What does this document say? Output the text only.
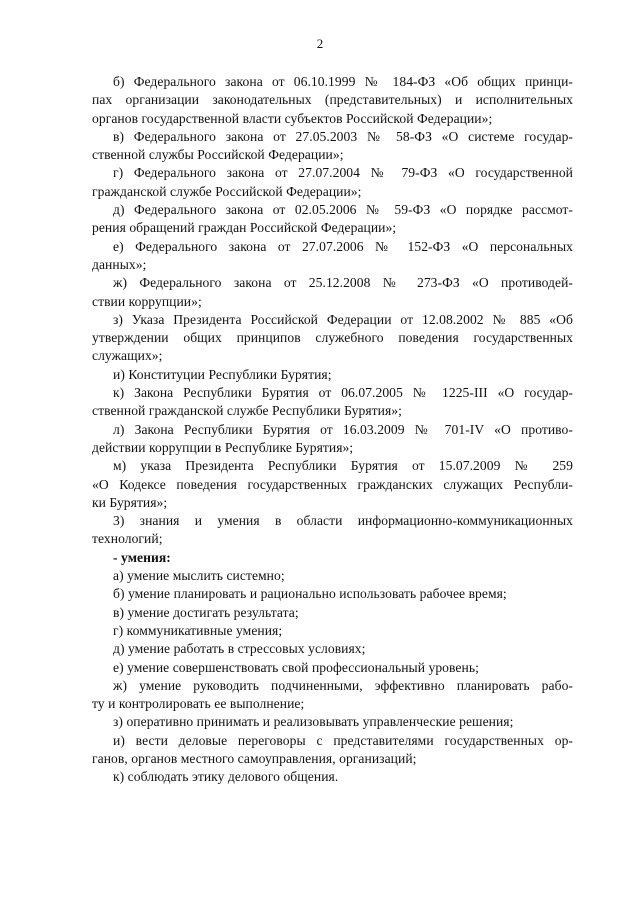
2
б) Федерального закона от 06.10.1999 № 184-ФЗ «Об общих принци-
пах организации законодательных (представительных) и исполнительных
органов государственной власти субъектов Российской Федерации»;
в) Федерального закона от 27.05.2003 № 58-ФЗ «О системе государ-
ственной службы Российской Федерации»;
г) Федерального закона от 27.07.2004 № 79-ФЗ «О государственной
гражданской службе Российской Федерации»;
д) Федерального закона от 02.05.2006 № 59-ФЗ «О порядке рассмот-
рения обращений граждан Российской Федерации»;
е) Федерального закона от 27.07.2006 № 152-ФЗ «О персональных
данных»;
ж) Федерального закона от 25.12.2008 № 273-ФЗ «О противодей-
ствии коррупции»;
з) Указа Президента Российской Федерации от 12.08.2002 № 885 «Об
утверждении общих принципов служебного поведения государственных
служащих»;
и) Конституции Республики Бурятия;
к) Закона Республики Бурятия от 06.07.2005 № 1225-III «О государ-
ственной гражданской службе Республики Бурятия»;
л) Закона Республики Бурятия от 16.03.2009 № 701-IV «О противо-
действии коррупции в Республике Бурятия»;
м) указа Президента Республики Бурятия от 15.07.2009 № 259
«О Кодексе поведения государственных гражданских служащих Республи-
ки Бурятия»;
3) знания и умения в области информационно-коммуникационных
технологий;
- умения:
а) умение мыслить системно;
б) умение планировать и рационально использовать рабочее время;
в) умение достигать результата;
г) коммуникативные умения;
д) умение работать в стрессовых условиях;
е) умение совершенствовать свой профессиональный уровень;
ж) умение руководить подчиненными, эффективно планировать рабо-
ту и контролировать ее выполнение;
з) оперативно принимать и реализовывать управленческие решения;
и) вести деловые переговоры с представителями государственных ор-
ганов, органов местного самоуправления, организаций;
к) соблюдать этику делового общения.
